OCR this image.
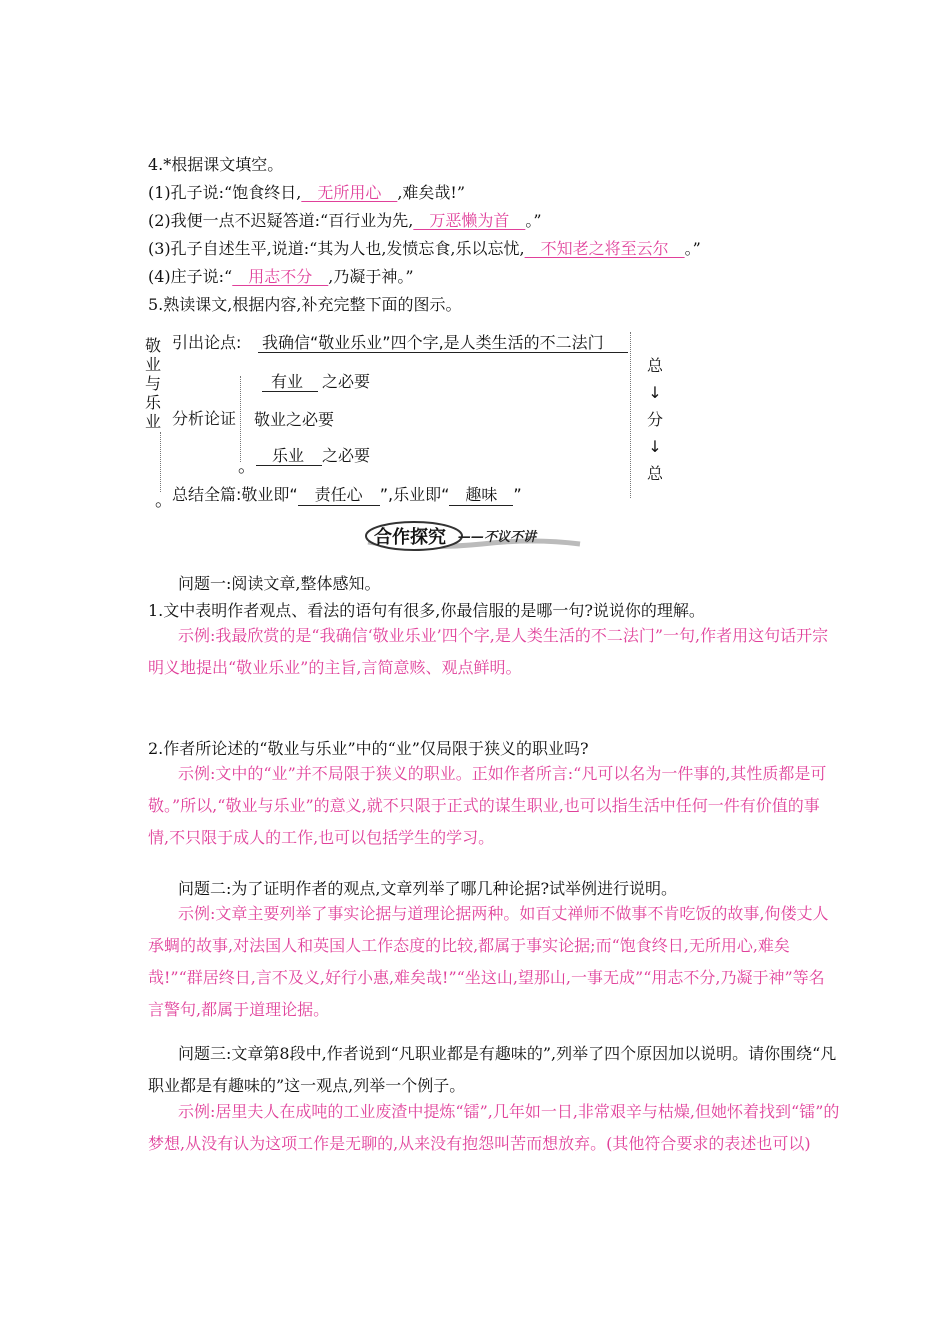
4.*根据课文填空。
(1)孔子说:“饱食终日,　无所用心　,难矣哉!”
(2)我便一点不迟疑答道:“百行业为先,　万恶懒为首　。”
(3)孔子自述生平,说道:“其为人也,发愤忘食,乐以忘忧,　不知老之将至云尔　。”
(4)庄子说:“　用志不分　,乃凝于神。”
5.熟读课文,根据内容,补充完整下面的图示。
敬
业
与
乐
业
。
引出论点: 我确信“敬业乐业”四个字,是人类生活的不二法门
分析论证
。
有业 之必要
敬业之必要
乐业 之必要
总结全篇:敬业即“ 责任心 ”,乐业即“ 趣味 ”
总
↓
分
↓
总
合作探究 ——不议不讲
问题一:阅读文章,整体感知。
1.文中表明作者观点、看法的语句有很多,你最信服的是哪一句?说说你的理解。
示例:我最欣赏的是“我确信‘敬业乐业’四个字,是人类生活的不二法门”一句,作者用这句话开宗明义地提出“敬业乐业”的主旨,言简意赅、观点鲜明。
2.作者所论述的“敬业与乐业”中的“业”仅局限于狭义的职业吗?
示例:文中的“业”并不局限于狭义的职业。正如作者所言:“凡可以名为一件事的,其性质都是可敬。”所以,“敬业与乐业”的意义,就不只限于正式的谋生职业,也可以指生活中任何一件有价值的事情,不只限于成人的工作,也可以包括学生的学习。
问题二:为了证明作者的观点,文章列举了哪几种论据?试举例进行说明。
示例:文章主要列举了事实论据与道理论据两种。如百丈禅师不做事不肯吃饭的故事,佝偻丈人承蜩的故事,对法国人和英国人工作态度的比较,都属于事实论据;而“饱食终日,无所用心,难矣哉!”“群居终日,言不及义,好行小惠,难矣哉!”“坐这山,望那山,一事无成”“用志不分,乃凝于神”等名言警句,都属于道理论据。
问题三:文章第8段中,作者说到“凡职业都是有趣味的”,列举了四个原因加以说明。请你围绕“凡职业都是有趣味的”这一观点,列举一个例子。
示例:居里夫人在成吨的工业废渣中提炼“镭”,几年如一日,非常艰辛与枯燥,但她怀着找到“镭”的梦想,从没有认为这项工作是无聊的,从来没有抱怨叫苦而想放弃。(其他符合要求的表述也可以)
